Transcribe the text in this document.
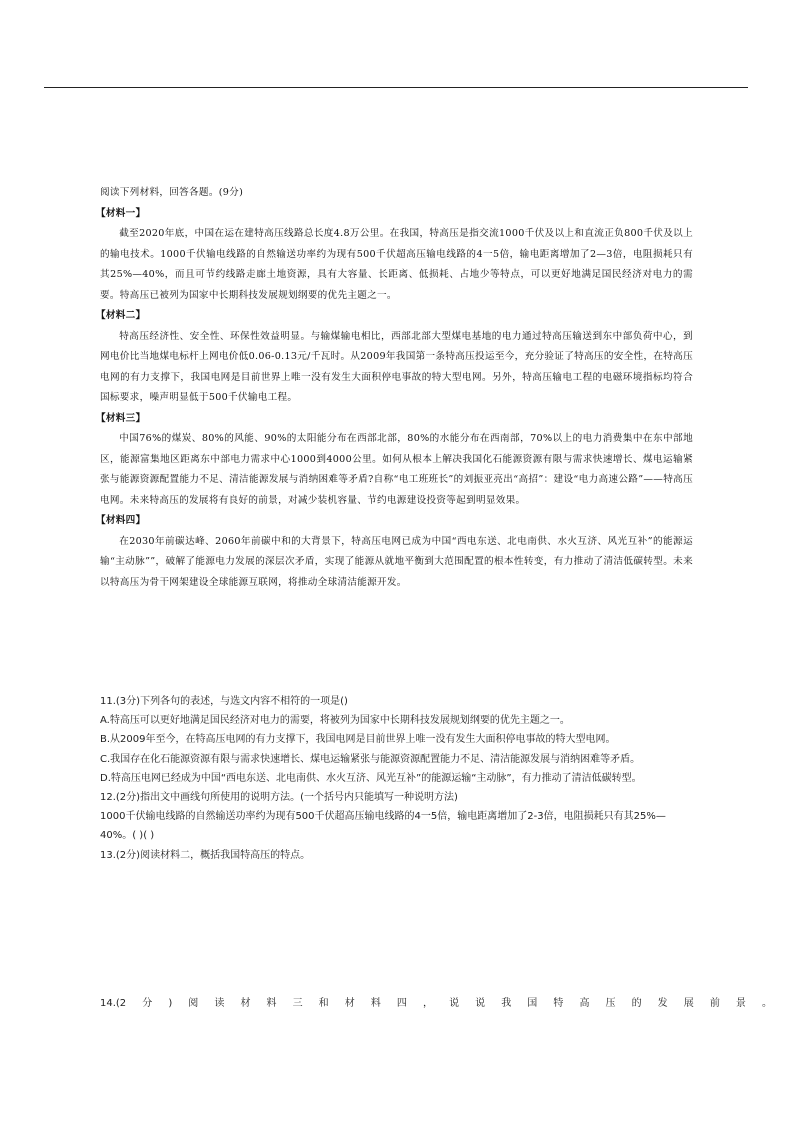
阅读下列材料，回答各题。(9分)
【材料一】

截至2020年底，中国在运在建特高压线路总长度4.8万公里。在我国，特高压是指交流1000千伏及以上和直流正负800千伏及以上的输电技术。1000千伏输电线路的自然输送功率约为现有500千伏超高压输电线路的4一5倍，输电距离增加了2—3倍，电阻损耗只有其25%—40%，而且可节约线路走廊土地资源，具有大容量、长距离、低损耗、占地少等特点，可以更好地满足国民经济对电力的需要。特高压已被列为国家中长期科技发展规划纲要的优先主题之一。

【材料二】

特高压经济性、安全性、环保性效益明显。与输煤输电相比，西部北部大型煤电基地的电力通过特高压输送到东中部负荷中心，到网电价比当地煤电标杆上网电价低0.06-0.13元/千瓦时。从2009年我国第一条特高压投运至今，充分验证了特高压的安全性，在特高压电网的有力支撑下，我国电网是目前世界上唯一没有发生大面积停电事故的特大型电网。另外，特高压输电工程的电磁环境指标均符合国标要求，噪声明显低于500千伏输电工程。

【材料三】

中国76%的煤炭、80%的风能、90%的太阳能分布在西部北部，80%的水能分布在西南部，70%以上的电力消费集中在东中部地区，能源富集地区距离东中部电力需求中心1000到4000公里。如何从根本上解决我国化石能源资源有限与需求快速增长、煤电运输紧张与能源资源配置能力不足、清洁能源发展与消纳困难等矛盾?自称“电工班班长”的刘振亚亮出“高招”：建设“电力高速公路”——特高压电网。未来特高压的发展将有良好的前景，对减少装机容量、节约电源建设投资等起到明显效果。

【材料四】

在2030年前碳达峰、2060年前碳中和的大背景下，特高压电网已成为中国“西电东送、北电南供、水火互济、风光互补”的能源运输“主动脉””，破解了能源电力发展的深层次矛盾，实现了能源从就地平衡到大范围配置的根本性转变，有力推动了清洁低碳转型。未来以特高压为骨干网架建设全球能源互联网，将推动全球清洁能源开发。

11.(3分)下列各句的表述，与选文内容不相符的一项是()
A.特高压可以更好地满足国民经济对电力的需要，将被列为国家中长期科技发展规划纲要的优先主题之一。
B.从2009年至今，在特高压电网的有力支撑下，我国电网是目前世界上唯一没有发生大面积停电事故的特大型电网。
C.我国存在化石能源资源有限与需求快速增长、煤电运输紧张与能源资源配置能力不足、清洁能源发展与消纳困难等矛盾。
D.特高压电网已经成为中国“西电东送、北电南供、水火互济、风光互补”的能源运输“主动脉”，有力推动了清洁低碳转型。
12.(2分)指出文中画线句所使用的说明方法。(一个括号内只能填写一种说明方法)
1000千伏输电线路的自然输送功率约为现有500千伏超高压输电线路的4一5倍，输电距离增加了2-3倍，电阻损耗只有其25%—40%。( )( )
13.(2分)阅读材料二，概括我国特高压的特点。
14.(2分)阅读材料三和材料四，说说我国特高压的发展前景。
